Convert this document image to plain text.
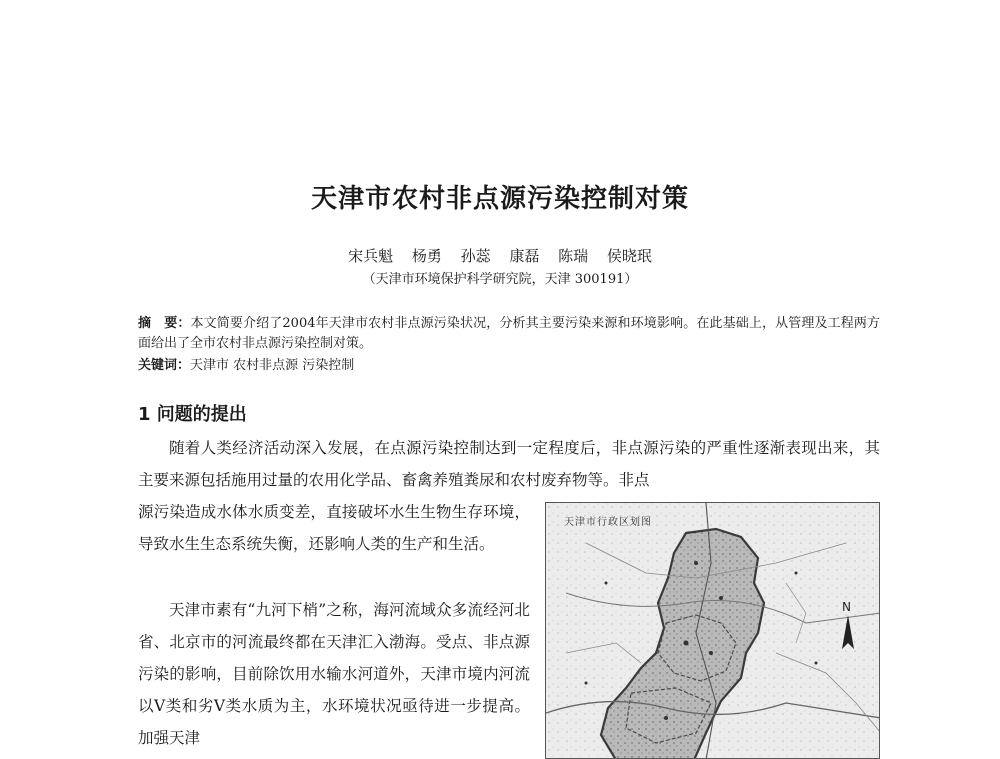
天津市农村非点源污染控制对策
宋兵魁 杨勇 孙蕊 康磊 陈瑞 侯晓珉
（天津市环境保护科学研究院，天津 300191）
摘　要：本文简要介绍了2004年天津市农村非点源污染状况，分析其主要污染来源和环境影响。在此基础上，从管理及工程两方面给出了全市农村非点源污染控制对策。
关键词：天津市 农村非点源 污染控制
1 问题的提出
随着人类经济活动深入发展，在点源污染控制达到一定程度后，非点源污染的严重性逐渐表现出来，其主要来源包括施用过量的农用化学品、畜禽养殖粪尿和农村废弃物等。非点
源污染造成水体水质变差，直接破坏水生生物生存环境，导致水生生态系统失衡，还影响人类的生产和生活。
天津市素有“九河下梢”之称，海河流域众多流经河北省、北京市的河流最终都在天津汇入渤海。受点、非点源污染的影响，目前除饮用水输水河道外，天津市境内河流以Ⅴ类和劣Ⅴ类水质为主，水环境状况亟待进一步提高。加强天津
天津市行政区划图
N
